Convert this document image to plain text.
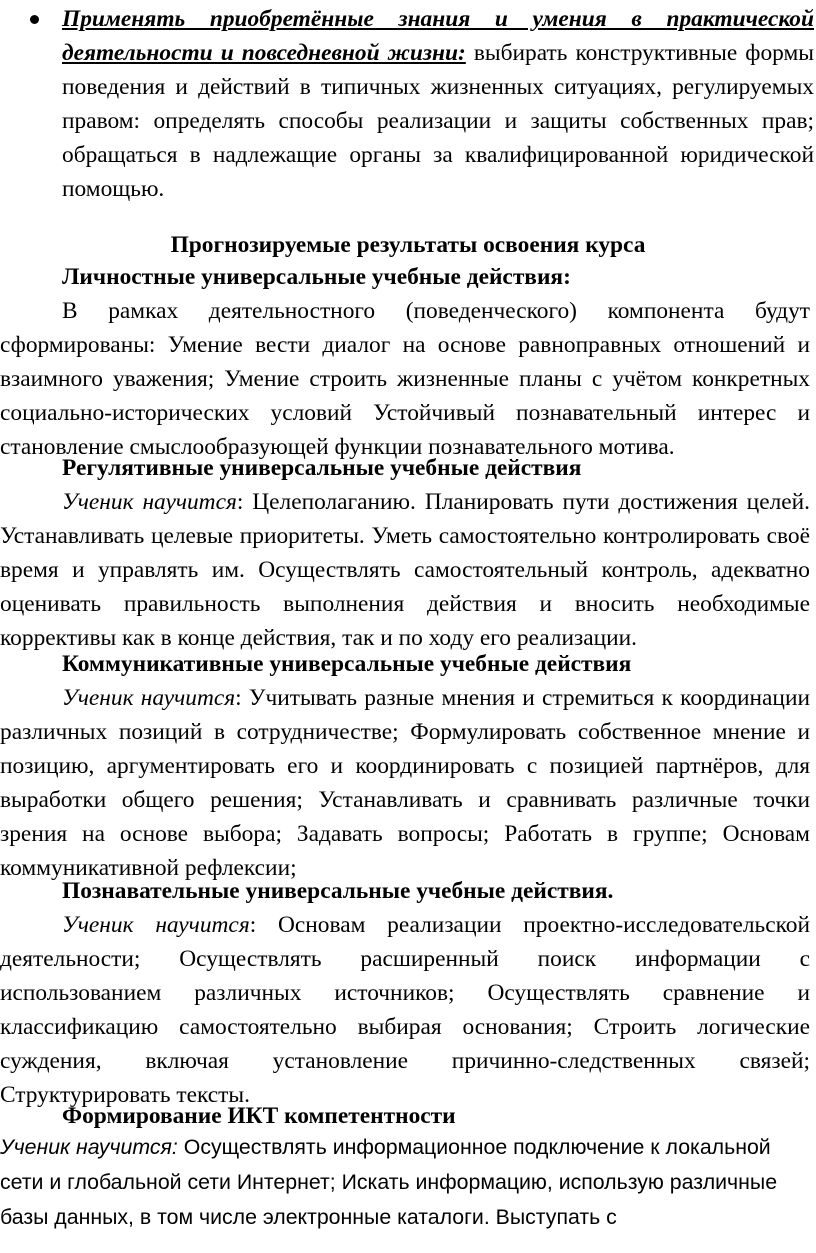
Применять приобретённые знания и умения в практической деятельности и повседневной жизни: выбирать конструктивные формы поведения и действий в типичных жизненных ситуациях, регулируемых правом: определять способы реализации и защиты собственных прав; обращаться в надлежащие органы за квалифицированной юридической помощью.

Прогнозируемые результаты освоения курса

Личностные универсальные учебные действия:

В рамках деятельностного (поведенческого) компонента будут сформированы: Умение вести диалог на основе равноправных отношений и взаимного уважения; Умение строить жизненные планы с учётом конкретных социально-исторических условий Устойчивый познавательный интерес и становление смыслообразующей функции познавательного мотива.

Регулятивные универсальные учебные действия

Ученик научится: Целеполаганию. Планировать пути достижения целей. Устанавливать целевые приоритеты. Уметь самостоятельно контролировать своё время и управлять им. Осуществлять самостоятельный контроль, адекватно оценивать правильность выполнения действия и вносить необходимые коррективы как в конце действия, так и по ходу его реализации.

Коммуникативные универсальные учебные действия

Ученик научится: Учитывать разные мнения и стремиться к координации различных позиций в сотрудничестве; Формулировать собственное мнение и позицию, аргументировать его и координировать с позицией партнёров, для выработки общего решения; Устанавливать и сравнивать различные точки зрения на основе выбора; Задавать вопросы; Работать в группе; Основам коммуникативной рефлексии;

Познавательные универсальные учебные действия.

Ученик научится: Основам реализации проектно-исследовательской деятельности; Осуществлять расширенный поиск информации с использованием различных источников; Осуществлять сравнение и классификацию самостоятельно выбирая основания; Строить логические суждения, включая установление причинно-следственных связей; Структурировать тексты.

Формирование ИКТ компетентности

Ученик научится: Осуществлять информационное подключение к локальной сети и глобальной сети Интернет; Искать информацию, использую различные базы данных, в том числе электронные каталоги. Выступать с
